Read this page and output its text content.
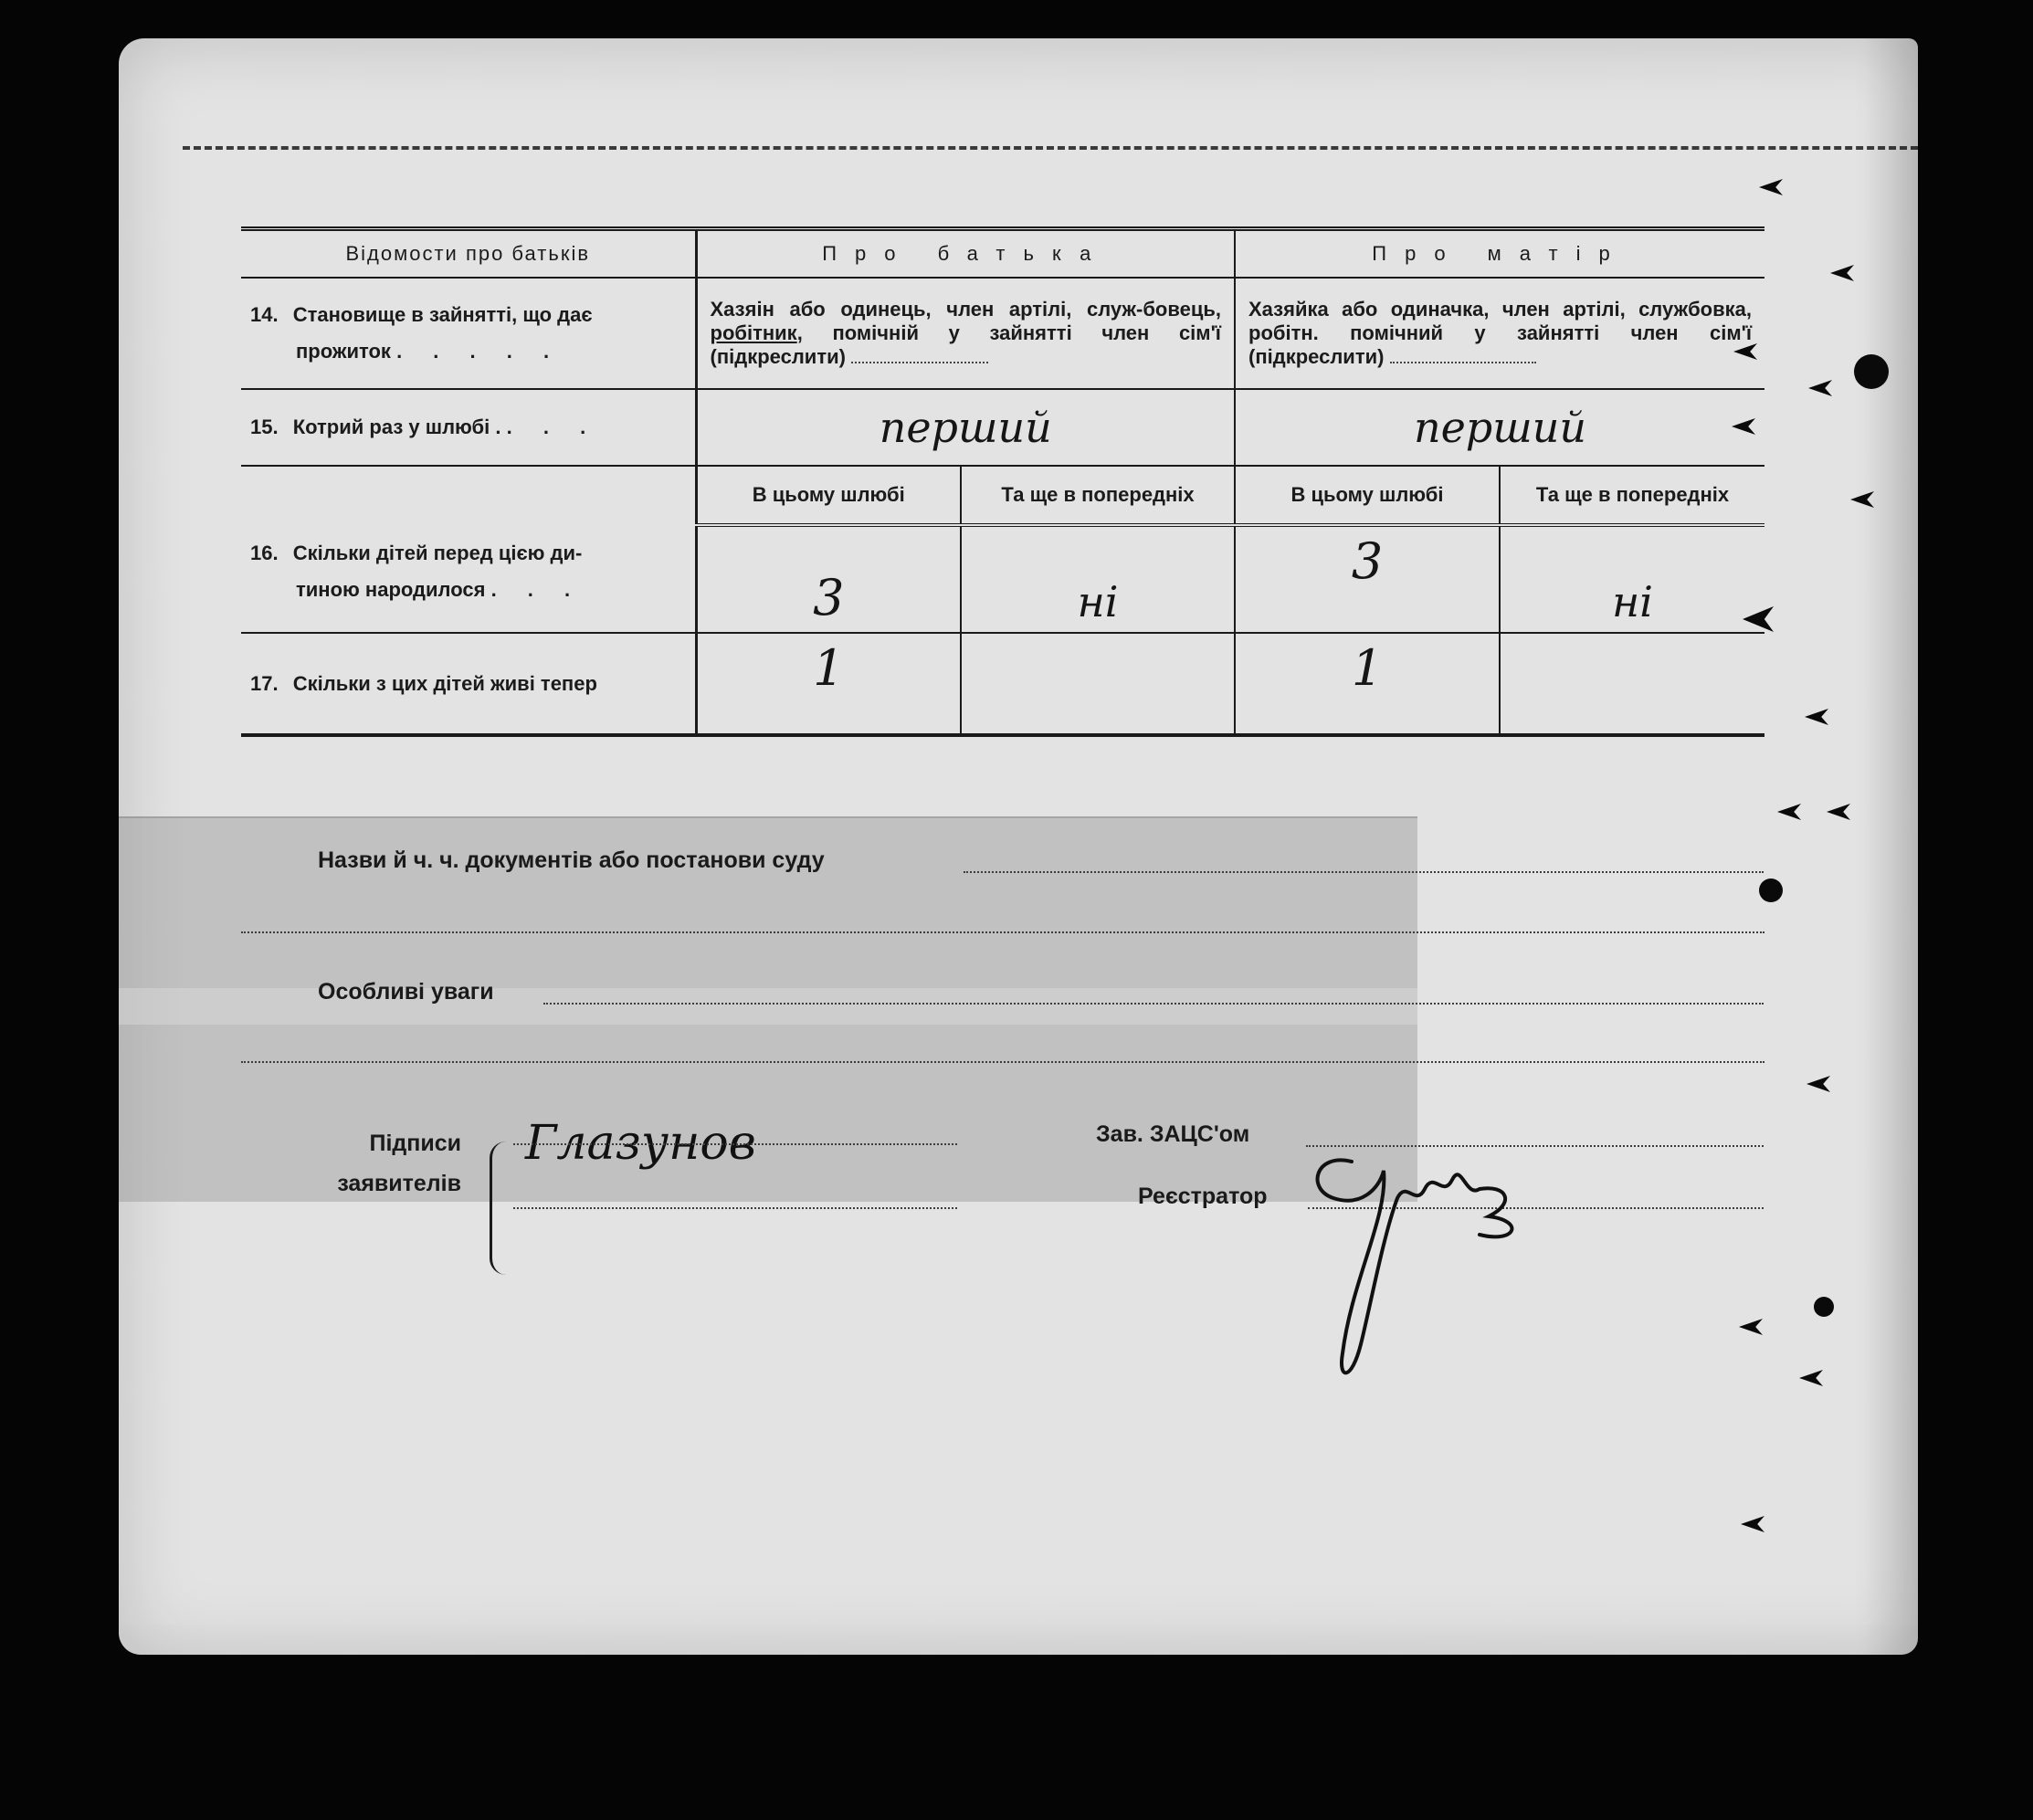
Відомости про батьків	Про батька		Про матір	

14. Становище в зайнятті, що дає
прожиток . . . . .	Хазяін або одинець, член артілі, служ-бовець, робітник, помічній у зайнятті член сім'ї (підкреслити)		Хазяйка або одиначка, член артілі, службовка, робітн. помічний у зайнятті член сім'ї (підкреслити)	
15. Котрий раз у шлюбі . . . .	перший		перший	

16. Скільки дітей перед цією ди-
тиною народилося . . .	В цьому шлюбі	Та ще в попередніх	В цьому шлюбі	Та ще в попередніх
	3	ні	3	ні
17. Скільки з цих дітей живі тепер	1		1	
Назви й ч. ч. документів або постанови суду
Особливі уваги
Підписи
заявителів
Глазунов	Зав. ЗАЦС'ом
Реєстратор
